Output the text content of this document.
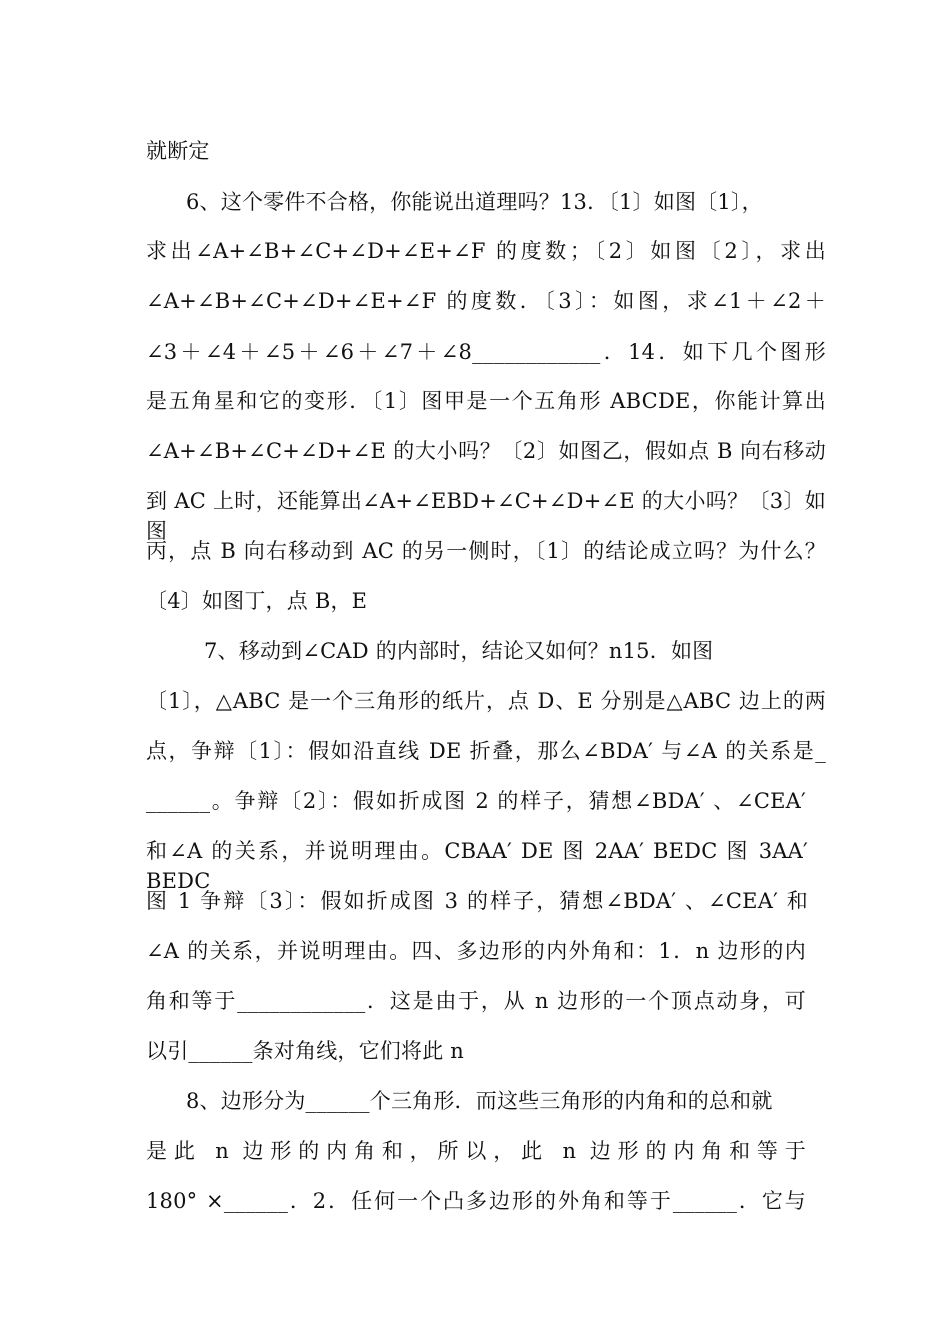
就断定
6、这个零件不合格，你能说出道理吗？13．〔1〕如图〔1〕，
求出∠A+∠B+∠C+∠D+∠E+∠F 的度数；〔2〕如图〔2〕，求出
∠A+∠B+∠C+∠D+∠E+∠F 的度数．〔3〕：如图，求∠1＋∠2＋
∠3＋∠4＋∠5＋∠6＋∠7＋∠8____________．14．如下几个图形
是五角星和它的变形．〔1〕图甲是一个五角形 ABCDE，你能计算出
∠A+∠B+∠C+∠D+∠E 的大小吗？〔2〕如图乙，假如点 B 向右移动
到 AC 上时，还能算出∠A+∠EBD+∠C+∠D+∠E 的大小吗？〔3〕如图
丙，点 B 向右移动到 AC 的另一侧时，〔1〕的结论成立吗？为什么？
〔4〕如图丁，点 B，E
7、移动到∠CAD 的内部时，结论又如何？n15．如图
〔1〕，△ABC 是一个三角形的纸片，点 D、E 分别是△ABC 边上的两
点，争辩〔1〕：假如沿直线 DE 折叠，那么∠BDA′ 与∠A 的关系是_
______。争辩〔2〕：假如折成图 2 的样子，猜想∠BDA′ 、∠CEA′
和∠A 的关系，并说明理由。CBAA′ DE 图 2AA′ BEDC 图 3AA′ BEDC
图 1 争辩〔3〕：假如折成图 3 的样子，猜想∠BDA′ 、∠CEA′ 和
∠A 的关系，并说明理由。四、多边形的内外角和：1．n 边形的内
角和等于____________．这是由于，从 n 边形的一个顶点动身，可
以引______条对角线，它们将此 n
8、边形分为______个三角形．而这些三角形的内角和的总和就
是此 n 边形的内角和，所以，此 n 边形的内角和等于
180° ×______．2．任何一个凸多边形的外角和等于______．它与
